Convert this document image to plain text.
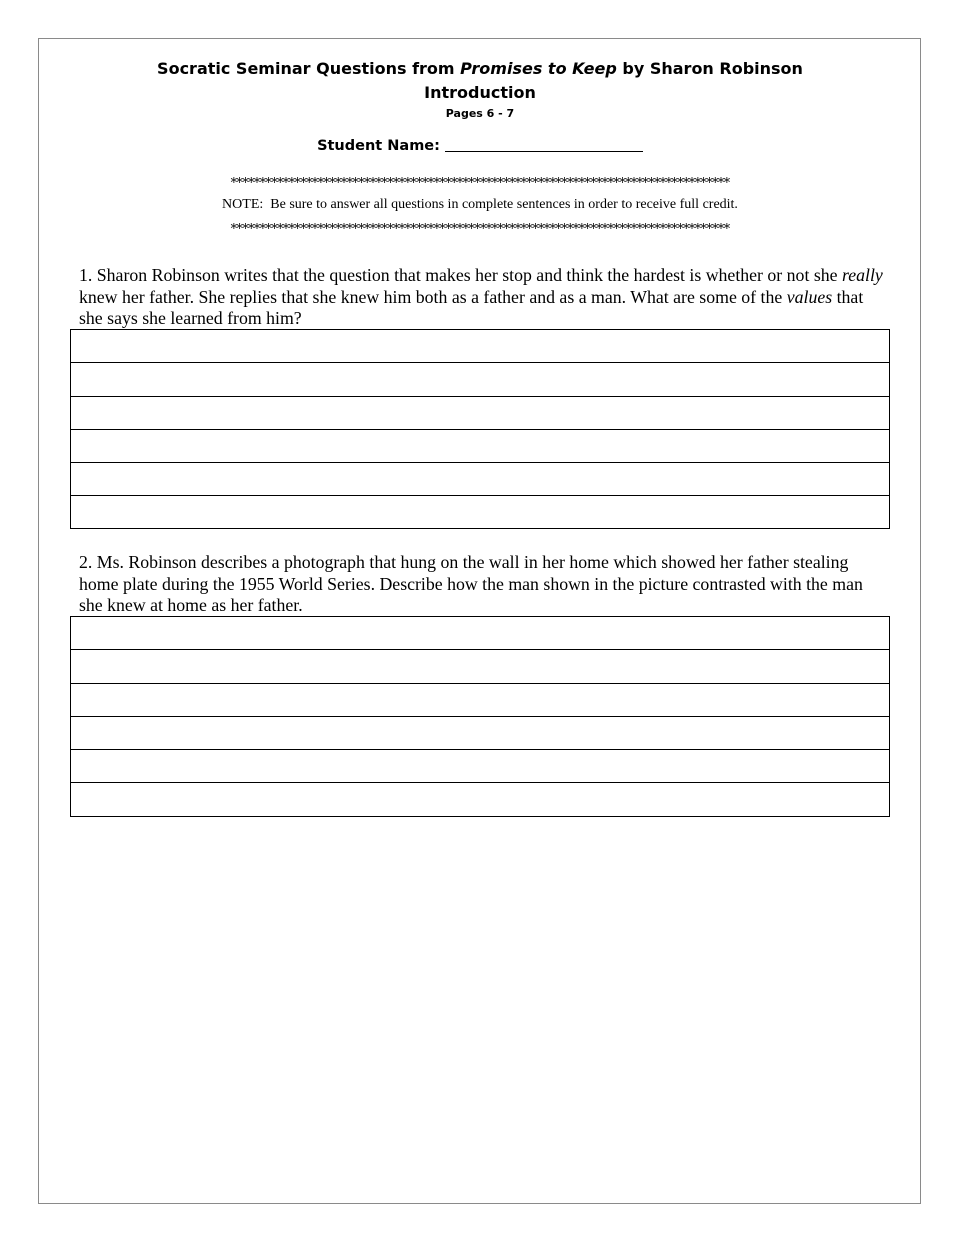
Socratic Seminar Questions from Promises to Keep by Sharon Robinson
Introduction
Pages 6 - 7
Student Name:
**************************************************************************************
NOTE:  Be sure to answer all questions in complete sentences in order to receive full credit.
**************************************************************************************
1. Sharon Robinson writes that the question that makes her stop and think the hardest is whether or not she really knew her father. She replies that she knew him both as a father and as a man. What are some of the values that she says she learned from him?
2. Ms. Robinson describes a photograph that hung on the wall in her home which showed her father stealing home plate during the 1955 World Series. Describe how the man shown in the picture contrasted with the man she knew at home as her father.
